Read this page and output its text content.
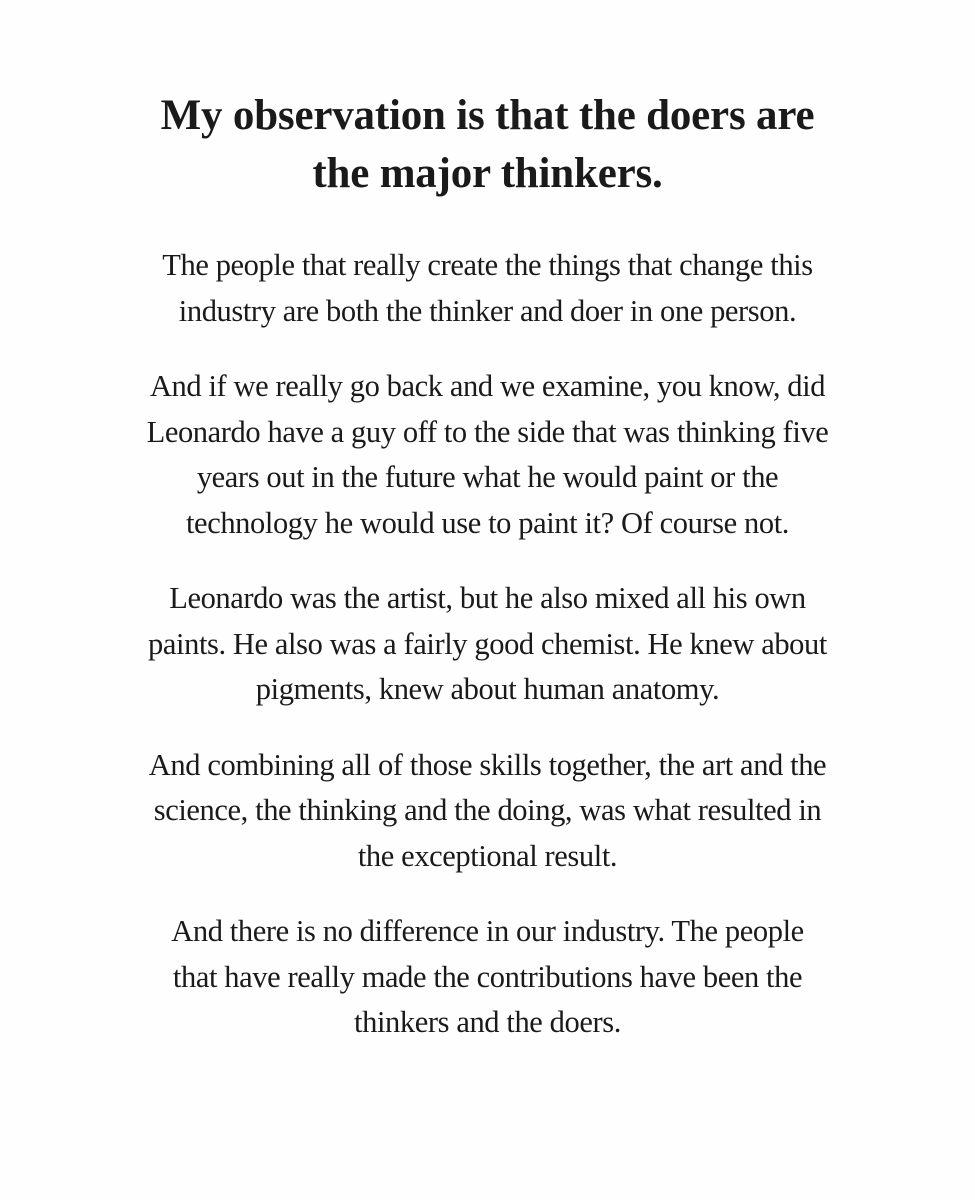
My observation is that the doers are
the major thinkers.

The people that really create the things that change this
industry are both the thinker and doer in one person.

And if we really go back and we examine, you know, did
Leonardo have a guy off to the side that was thinking five
years out in the future what he would paint or the
technology he would use to paint it? Of course not.

Leonardo was the artist, but he also mixed all his own
paints. He also was a fairly good chemist. He knew about
pigments, knew about human anatomy.

And combining all of those skills together, the art and the
science, the thinking and the doing, was what resulted in
the exceptional result.

And there is no difference in our industry. The people
that have really made the contributions have been the
thinkers and the doers.
